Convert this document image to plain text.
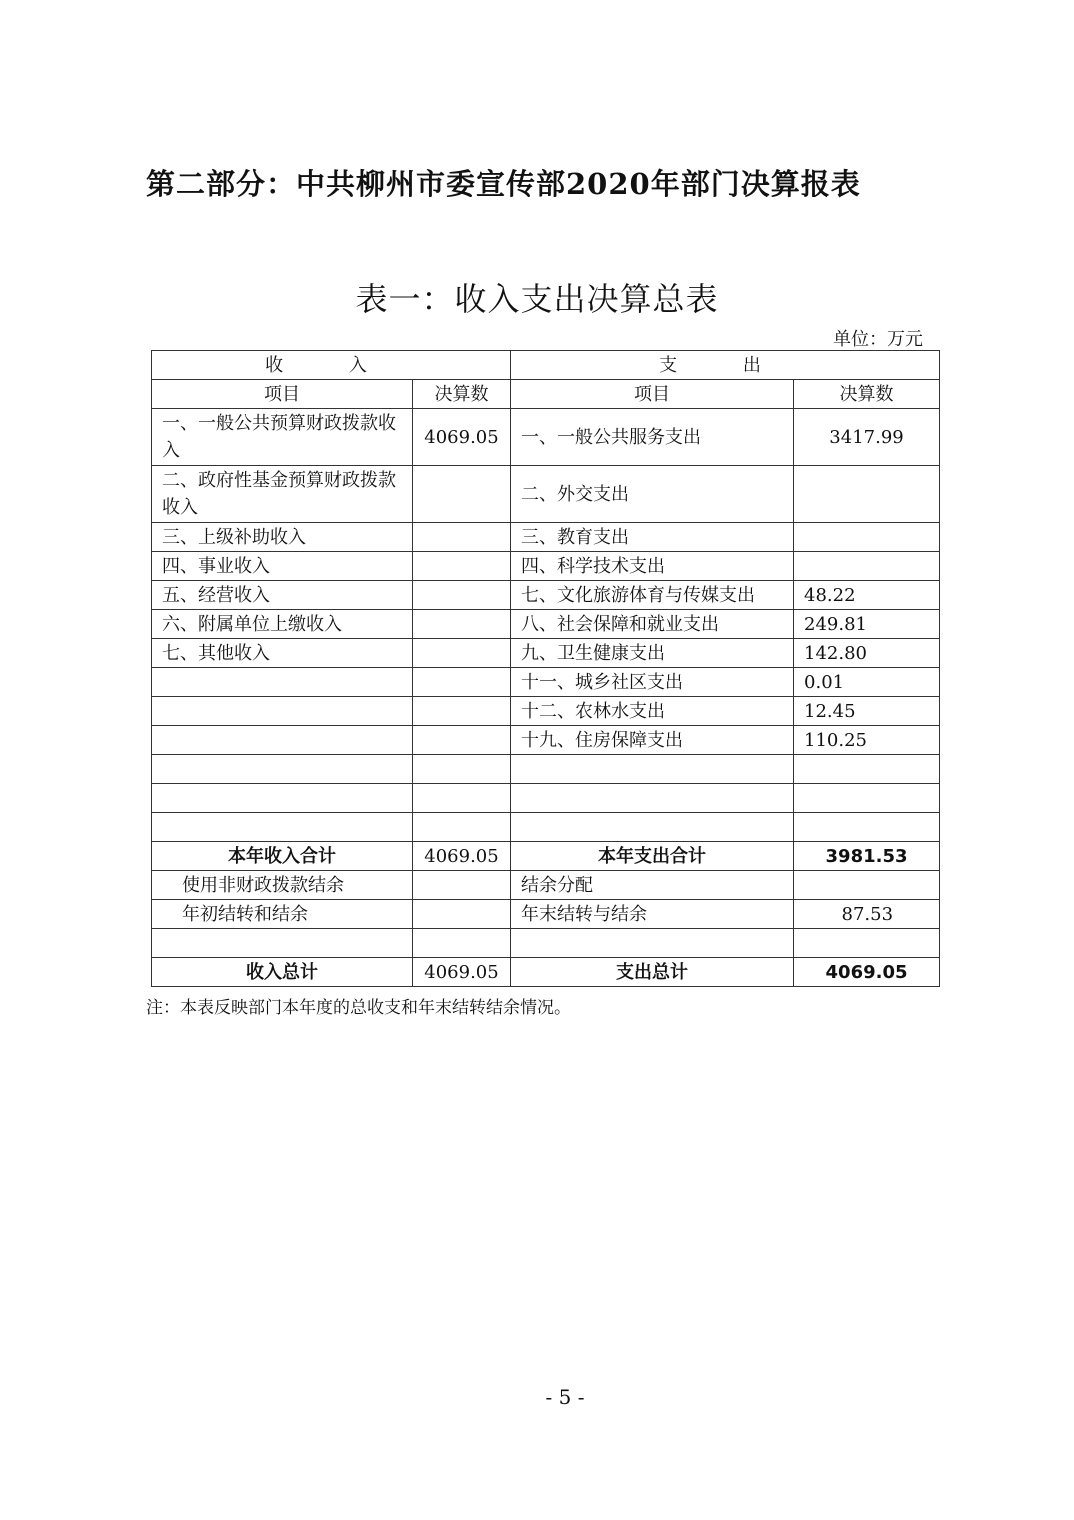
第二部分：中共柳州市委宣传部2020年部门决算报表
表一：收入支出决算总表
单位：万元
收 入		支 出	
项目	决算数	项目	决算数
一、一般公共预算财政拨款收入	4069.05	一、一般公共服务支出	3417.99
二、政府性基金预算财政拨款收入		二、外交支出	
三、上级补助收入		三、教育支出	
四、事业收入		四、科学技术支出	
五、经营收入		七、文化旅游体育与传媒支出	48.22
六、附属单位上缴收入		八、社会保障和就业支出	249.81
七、其他收入		九、卫生健康支出	142.80
		十一、城乡社区支出	0.01
		十二、农林水支出	12.45
		十九、住房保障支出	110.25

本年收入合计	4069.05	本年支出合计	3981.53
使用非财政拨款结余		结余分配	
年初结转和结余		年末结转与结余	87.53

收入总计	4069.05	支出总计	4069.05
注：本表反映部门本年度的总收支和年末结转结余情况。
- 5 -
